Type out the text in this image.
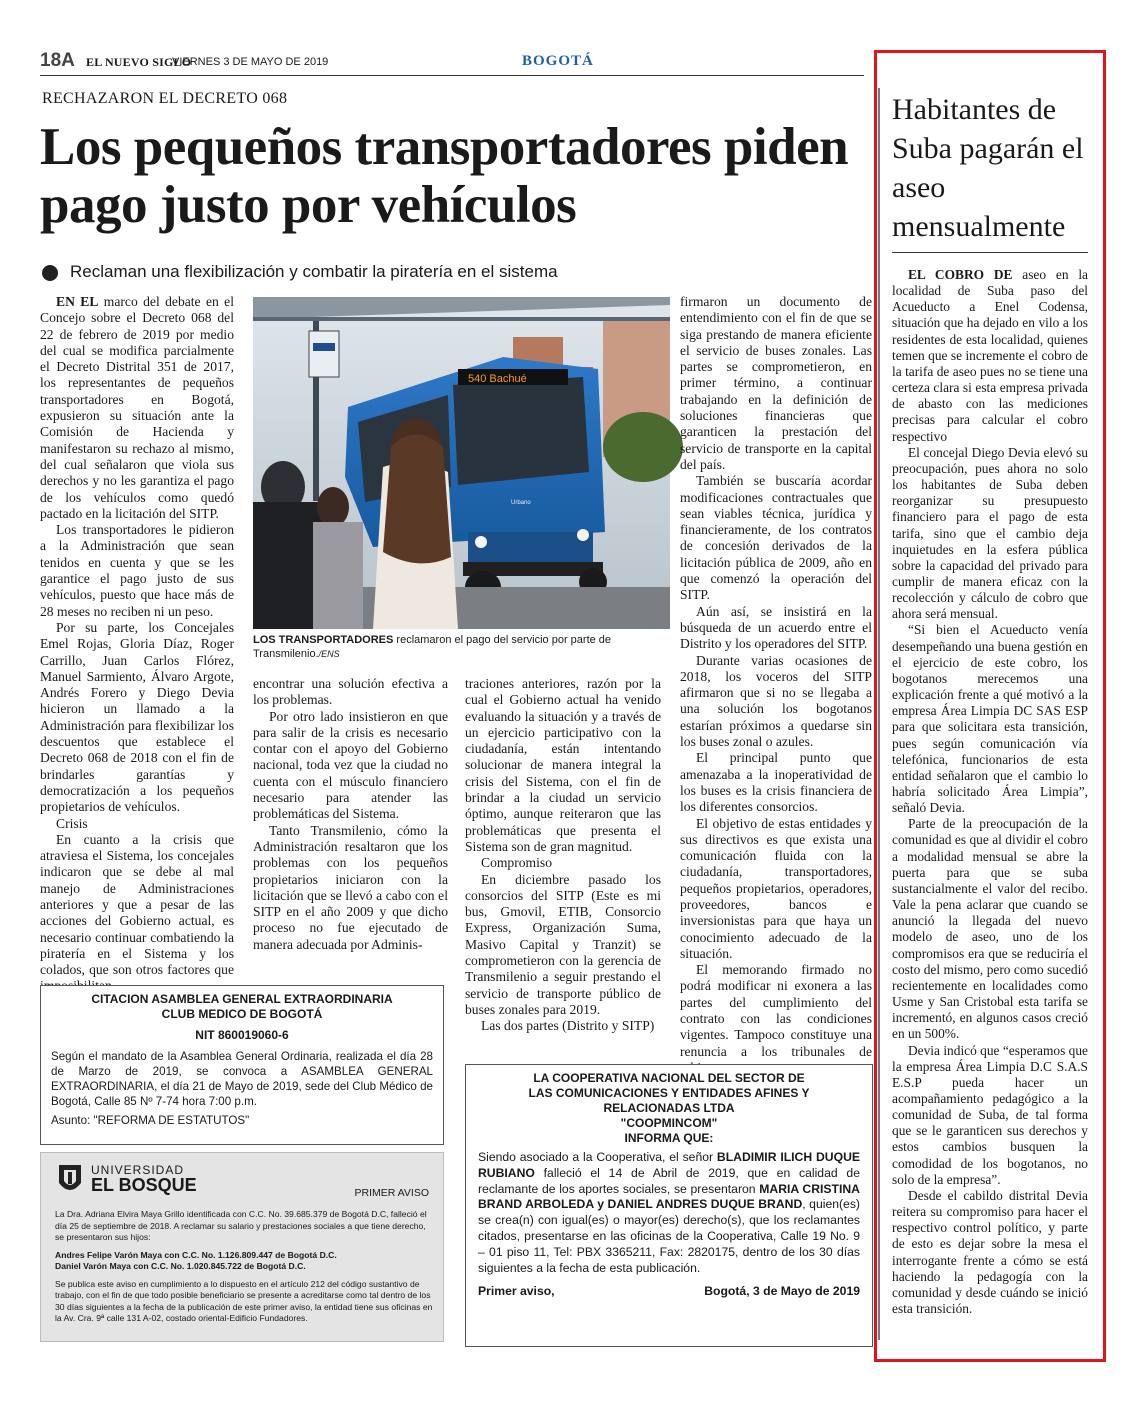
18A EL NUEVO SIGLO
VIERNES 3 DE MAYO DE 2019	BOGOTÁ
RECHAZARON EL DECRETO 068
Los pequeños transportadores piden pago justo por vehículos
Reclaman una flexibilización y combatir la piratería en el sistema

EN EL marco del debate en el Concejo sobre el Decreto 068 del 22 de febrero de 2019 por medio del cual se modifica parcialmente el Decreto Distrital 351 de 2017, los representantes de pequeños transportadores en Bogotá, expusieron su situación ante la Comisión de Hacienda y manifestaron su rechazo al mismo, del cual señalaron que viola sus derechos y no les garantiza el pago de los vehículos como quedó pactado en la licitación del SITP.

Los transportadores le pidieron a la Administración que sean tenidos en cuenta y que se les garantice el pago justo de sus vehículos, puesto que hace más de 28 meses no reciben ni un peso.

Por su parte, los Concejales Emel Rojas, Gloria Díaz, Roger Carrillo, Juan Carlos Flórez, Manuel Sarmiento, Álvaro Argote, Andrés Forero y Diego Devia hicieron un llamado a la Administración para flexibilizar los descuentos que establece el Decreto 068 de 2018 con el fin de brindarles garantías y democratización a los pequeños propietarios de vehículos.

Crisis

En cuanto a la crisis que atraviesa el Sistema, los concejales indicaron que se debe al mal manejo de Administraciones anteriores y que a pesar de las acciones del Gobierno actual, es necesario continuar combatiendo la piratería en el Sistema y los colados, que son otros factores que

540 Bachué
Urbano
LOS TRANSPORTADORES reclamaron el pago del servicio por parte de Transmilenio./ENS

encontrar una solución efectiva a los problemas.

Por otro lado insistieron en que para salir de la crisis es necesario contar con el apoyo del Gobierno nacional, toda vez que la ciudad no cuenta con el músculo financiero necesario para atender las problemáticas del Sistema.

Tanto Transmilenio, cómo la Administración resaltaron que los problemas con los pequeños propietarios iniciaron con la licitación que se llevó a cabo con el SITP en el año 2009 y que dicho proceso no fue ejecutado de manera adecuada por Adminis-

traciones anteriores, razón por la cual el Gobierno actual ha venido evaluando la situación y a través de un ejercicio participativo con la ciudadanía, están intentando solucionar de manera integral la crisis del Sistema, con el fin de brindar a la ciudad un servicio óptimo, aunque reiteraron que las problemáticas que presenta el Sistema son de gran magnitud.

Compromiso

En diciembre pasado los consorcios del SITP (Este es mi bus, Gmovil, ETIB, Consorcio Express, Organización Suma, Masivo Capital y Tranzit) se comprometieron con la gerencia de Transmilenio a seguir prestando el servicio de transporte público de buses zonales para 2019.

Las dos partes (Distrito y SITP)

firmaron un documento de entendimiento con el fin de que se siga prestando de manera eficiente el servicio de buses zonales. Las partes se comprometieron, en primer término, a continuar trabajando en la definición de soluciones financieras que garanticen la prestación del servicio de transporte en la capital del país.

También se buscaría acordar modificaciones contractuales que sean viables técnica, jurídica y financieramente, de los contratos de concesión derivados de la licitación pública de 2009, año en que comenzó la operación del SITP.

Aún así, se insistirá en la búsqueda de un acuerdo entre el Distrito y los operadores del SITP.

Durante varias ocasiones de 2018, los voceros del SITP afirmaron que si no se llegaba a una solución los bogotanos estarían próximos a quedarse sin los buses zonal o azules.

El principal punto que amenazaba a la inoperatividad de los buses es la crisis financiera de los diferentes consorcios.

El objetivo de estas entidades y sus directivos es que exista una comunicación fluida con la ciudadanía, transportadores, pequeños propietarios, operadores, proveedores, bancos e inversionistas para que haya un conocimiento adecuado de la situación.

El memorando firmado no podrá modificar ni exonera a las partes del cumplimiento del contrato con las condiciones vigentes. Tampoco constituye una renuncia a los tribunales de

CITACION ASAMBLEA GENERAL EXTRAORDINARIA
CLUB MEDICO DE BOGOTÁ
NIT 860019060-6
Según el mandato de la Asamblea General Ordinaria, realizada el día 28 de Marzo de 2019, se convoca a ASAMBLEA GENERAL EXTRAORDINARIA, el día 21 de Mayo de 2019, sede del Club Médico de Bogotá, Calle 85 Nº 7-74 hora 7:00 p.m.
Asunto: "REFORMA DE ESTATUTOS"
UNIVERSIDAD
EL BOSQUE	PRIMER AVISO
La Dra. Adriana Elvira Maya Grillo identificada con C.C. No. 39.685.379 de Bogotá D.C, falleció el día 25 de septiembre de 2018. A reclamar su salario y prestaciones sociales a que tiene derecho, se presentaron sus hijos:
Andres Felipe Varón Maya con C.C. No. 1.126.809.447 de Bogotá D.C.
Daniel Varón Maya con C.C. No. 1.020.845.722 de Bogotá D.C.
Se publica este aviso en cumplimiento a lo dispuesto en el artículo 212 del código sustantivo de trabajo, con el fin de que todo posible beneficiario se presente a acreditarse como tal dentro de los 30 días siguientes a la fecha de la publicación de este primer aviso, la entidad tiene sus oficinas en la Av. Cra. 9ª calle 131 A-02, costado oriental-Edificio Fundadores.
LA COOPERATIVA NACIONAL DEL SECTOR DE
LAS COMUNICACIONES Y ENTIDADES AFINES Y
RELACIONADAS LTDA
"COOPMINCOM"
INFORMA QUE:
Siendo asociado a la Cooperativa, el señor BLADIMIR ILICH DUQUE RUBIANO falleció el 14 de Abril de 2019, que en calidad de reclamante de los aportes sociales, se presentaron MARIA CRISTINA BRAND ARBOLEDA y DANIEL ANDRES DUQUE BRAND, quien(es) se crea(n) con igual(es) o mayor(es) derecho(s), que los reclamantes citados, presentarse en las oficinas de la Cooperativa, Calle 19 No. 9 – 01 piso 11, Tel: PBX 3365211, Fax: 2820175, dentro de los 30 días siguientes a la fecha de esta publicación.
Primer aviso,	Bogotá, 3 de Mayo de 2019
Habitantes de Suba pagarán el aseo mensualmente

EL COBRO DE aseo en la localidad de Suba paso del Acueducto a Enel Codensa, situación que ha dejado en vilo a los residentes de esta localidad, quienes temen que se incremente el cobro de la tarifa de aseo pues no se tiene una certeza clara si esta empresa privada de abasto con las mediciones precisas para calcular el cobro respectivo

El concejal Diego Devia elevó su preocupación, pues ahora no solo los habitantes de Suba deben reorganizar su presupuesto financiero para el pago de esta tarifa, sino que el cambio deja inquietudes en la esfera pública sobre la capacidad del privado para cumplir de manera eficaz con la recolección y cálculo de cobro que ahora será mensual.

“Si bien el Acueducto venía desempeñando una buena gestión en el ejercicio de este cobro, los bogotanos merecemos una explicación frente a qué motivó a la empresa Área Limpia DC SAS ESP para que solicitara esta transición, pues según comunicación vía telefónica, funcionarios de esta entidad señalaron que el cambio lo habría solicitado Área Limpia”, señaló Devia.

Parte de la preocupación de la comunidad es que al dividir el cobro a modalidad mensual se abre la puerta para que se suba sustancialmente el valor del recibo. Vale la pena aclarar que cuando se anunció la llegada del nuevo modelo de aseo, uno de los compromisos era que se reduciría el costo del mismo, pero como sucedió recientemente en localidades como Usme y San Cristobal esta tarifa se incrementó, en algunos casos creció en un 500%.

Devia indicó que “esperamos que la empresa Área Limpia D.C S.A.S E.S.P pueda hacer un acompañamiento pedagógico a la comunidad de Suba, de tal forma que se le garanticen sus derechos y estos cambios busquen la comodidad de los bogotanos, no solo de la empresa”.

Desde el cabildo distrital Devia reitera su compromiso para hacer el respectivo control político, y parte de esto es dejar sobre la mesa el interrogante frente a cómo se está haciendo la pedagogía con la comunidad y desde cuándo se inició esta transición.
